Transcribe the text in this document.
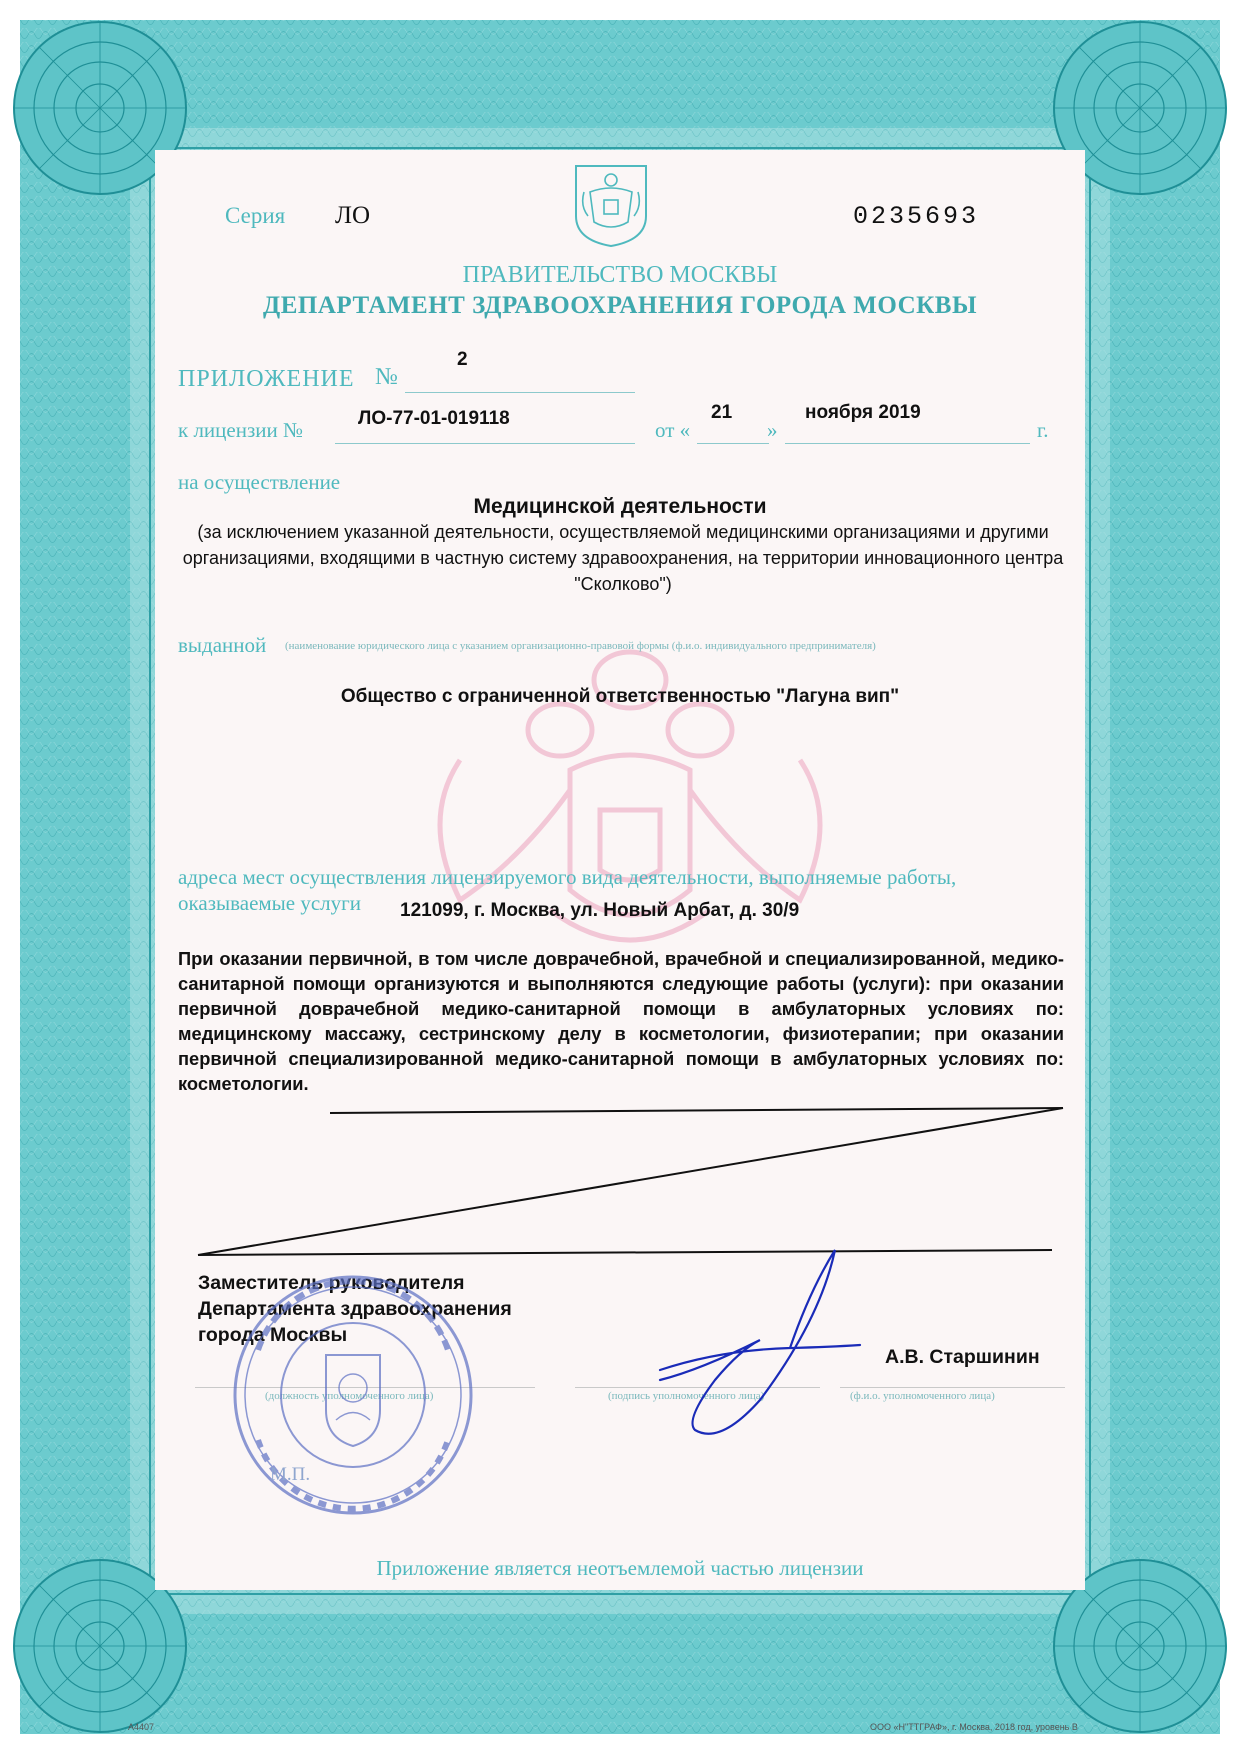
Серия ЛО	0235693
ПРАВИТЕЛЬСТВО МОСКВЫ
ДЕПАРТАМЕНТ ЗДРАВООХРАНЕНИЯ ГОРОДА МОСКВЫ
ПРИЛОЖЕНИЕ №
2
к лицензии №	ЛО-77-01-019118	от «
21
»
ноября 2019
г.
на осуществление
Медицинской деятельности
(за исключением указанной деятельности, осуществляемой медицинскими организациями и другими организациями, входящими в частную систему здравоохранения, на территории инновационного центра "Сколково")
выданной (наименование юридического лица с указанием организационно-правовой формы (ф.и.о. индивидуального предпринимателя)
Общество с ограниченной ответственностью "Лагуна вип"
адреса мест осуществления лицензируемого вида деятельности, выполняемые работы,
оказываемые услуги 121099, г. Москва, ул. Новый Арбат, д. 30/9
При оказании первичной, в том числе доврачебной, врачебной и специализированной, медико-санитарной помощи организуются и выполняются следующие работы (услуги): при оказании первичной доврачебной медико-санитарной помощи в амбулаторных условиях по: медицинскому массажу, сестринскому делу в косметологии, физиотерапии; при оказании первичной специализированной медико-санитарной помощи в амбулаторных условиях по: косметологии.
Заместитель руководителя Департамента здравоохранения города Москвы
(должность уполномоченного лица)	(подпись уполномоченного лица)	(ф.и.о. уполномоченного лица)
А.В. Старшинин
М.П.
Приложение является неотъемлемой частью лицензии
А4407	ООО «Н"ТТГРАФ», г. Москва, 2018 год, уровень В
